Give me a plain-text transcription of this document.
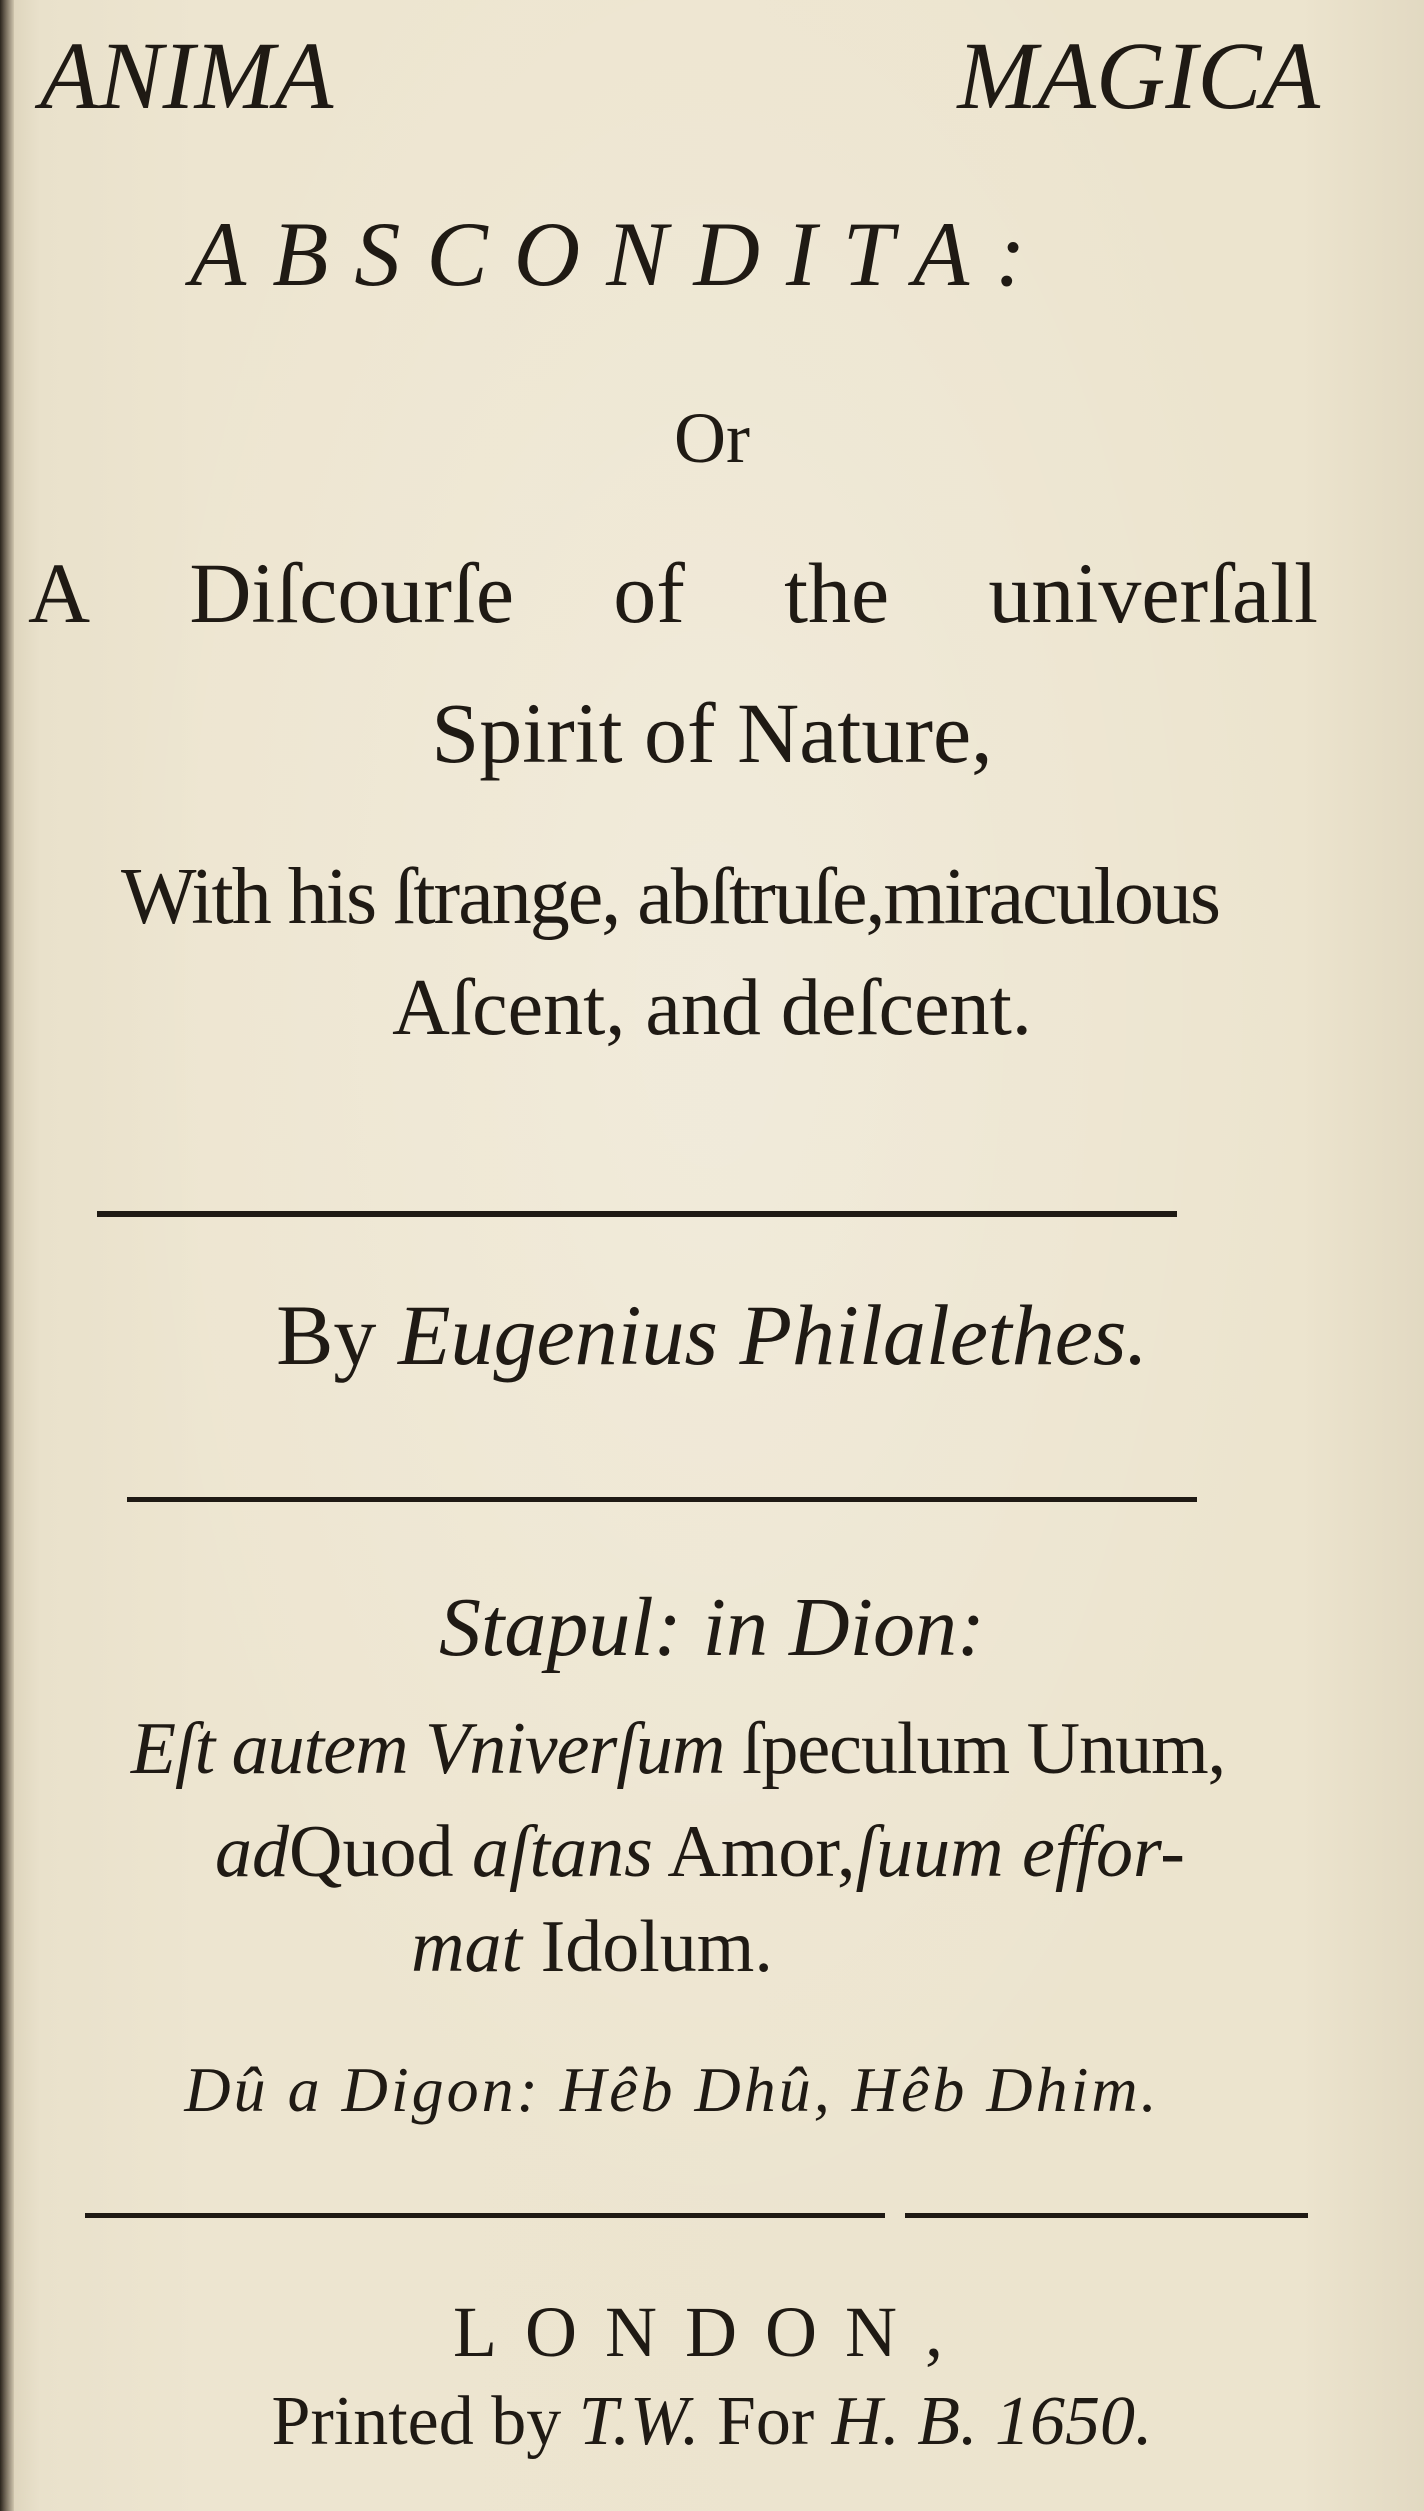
ANIMA	MAGICA
ABSCONDITA:
Or
A Diſcourſe of the univerſall
Spirit of Nature,
With his ſtrange, abſtruſe,miraculous
Aſcent, and deſcent.
By Eugenius Philalethes.
Stapul: in Dion:
Eſt autem Vniverſum ſpeculum Unum,
adQuod aſtans Amor,ſuum effor-
mat Idolum.
Dû a Digon: Hêb Dhû, Hêb Dhim.
LONDON,
Printed by T.W. For H. B. 1650.
